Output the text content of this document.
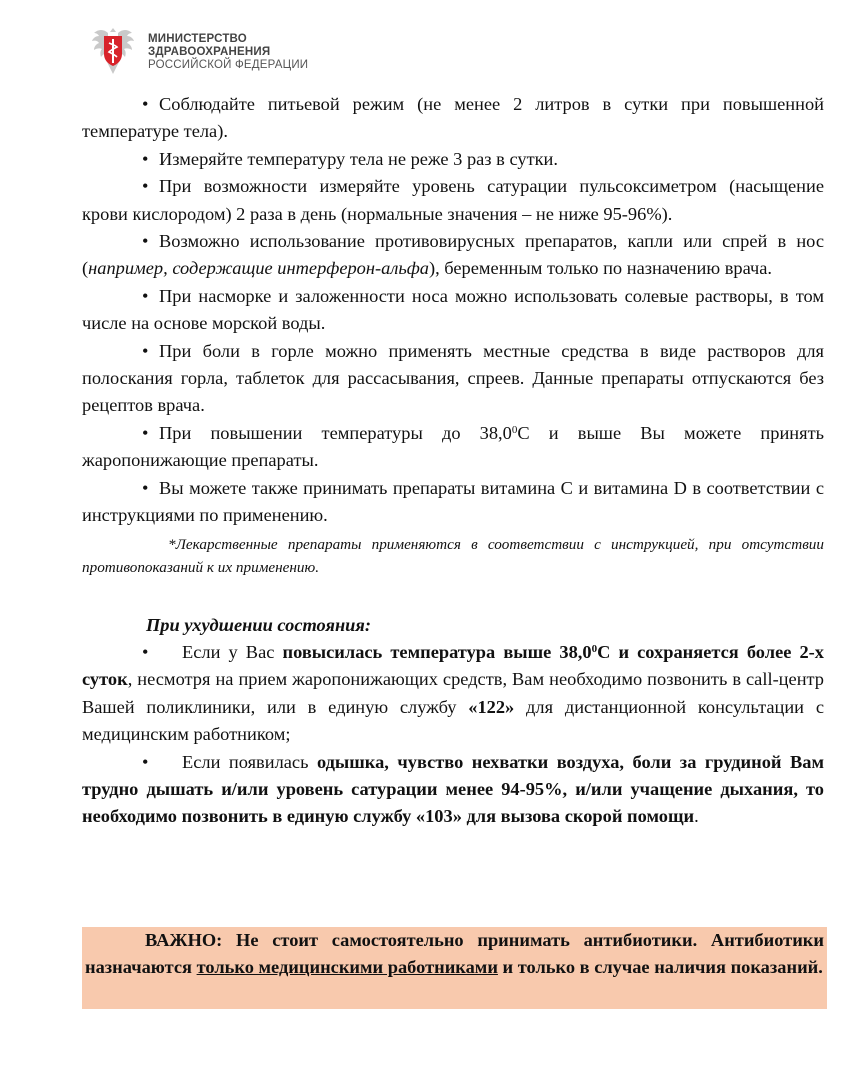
МИНИСТЕРСТВО
ЗДРАВООХРАНЕНИЯ
РОССИЙСКОЙ ФЕДЕРАЦИИ

• Соблюдайте питьевой режим (не менее 2 литров в сутки при повышенной температуре тела).

• Измеряйте температуру тела не реже 3 раз в сутки.

• При возможности измеряйте уровень сатурации пульсоксиметром (насыщение крови кислородом) 2 раза в день (нормальные значения – не ниже 95-96%).

• Возможно использование противовирусных препаратов, капли или спрей в нос (например, содержащие интерферон-альфа), беременным только по назначению врача.

• При насморке и заложенности носа можно использовать солевые растворы, в том числе на основе морской воды.

• При боли в горле можно применять местные средства в виде растворов для полоскания горла, таблеток для рассасывания, спреев. Данные препараты отпускаются без рецептов врача.

• При повышении температуры до 38,0$^0$С и выше Вы можете принять жаропонижающие препараты.

• Вы можете также принимать препараты витамина С и витамина D в соответствии с инструкциями по применению.

*Лекарственные препараты применяются в соответствии с инструкцией, при отсутствии противопоказаний к их применению.

При ухудшении состояния:

• Если у Вас повысилась температура выше 38,0$^0$С и сохраняется более 2-х суток, несмотря на прием жаропонижающих средств, Вам необходимо позвонить в call-центр Вашей поликлиники, или в единую службу «122» для дистанционной консультации с медицинским работником;

• Если появилась одышка, чувство нехватки воздуха, боли за грудиной Вам трудно дышать и/или уровень сатурации менее 94-95%, и/или учащение дыхания, то необходимо позвонить в единую службу «103» для вызова скорой помощи.

ВАЖНО: Не стоит самостоятельно принимать антибиотики. Антибиотики назначаются только медицинскими работниками и только в случае наличия показаний.
